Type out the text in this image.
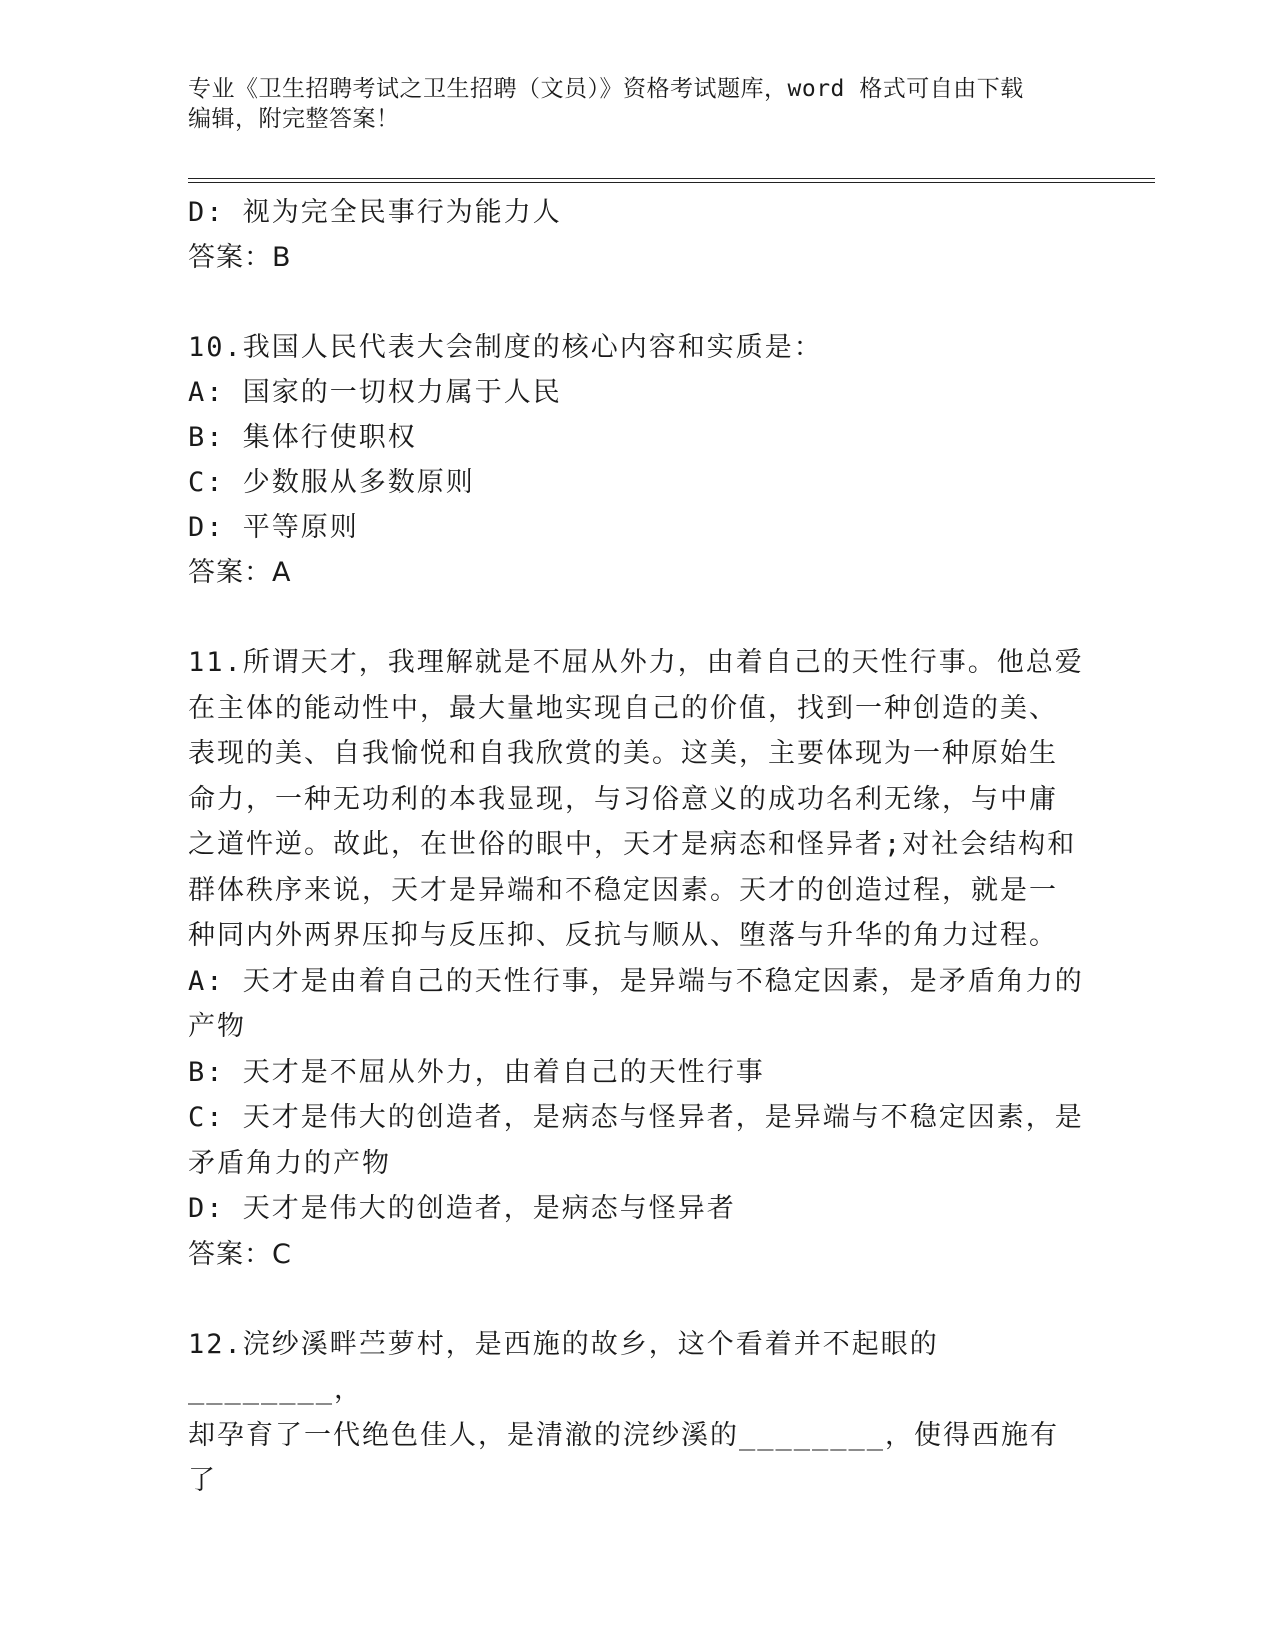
专业《卫生招聘考试之卫生招聘（文员）》资格考试题库，word 格式可自由下载
编辑，附完整答案！

D: 视为完全民事行为能力人

答案：B

10.我国人民代表大会制度的核心内容和实质是：

A: 国家的一切权力属于人民

B: 集体行使职权

C: 少数服从多数原则

D: 平等原则

答案：A

11.所谓天才，我理解就是不屈从外力，由着自己的天性行事。他总爱

在主体的能动性中，最大量地实现自己的价值，找到一种创造的美、

表现的美、自我愉悦和自我欣赏的美。这美，主要体现为一种原始生

命力，一种无功利的本我显现，与习俗意义的成功名利无缘，与中庸

之道忤逆。故此，在世俗的眼中，天才是病态和怪异者;对社会结构和

群体秩序来说，天才是异端和不稳定因素。天才的创造过程，就是一

种同内外两界压抑与反压抑、反抗与顺从、堕落与升华的角力过程。

A: 天才是由着自己的天性行事，是异端与不稳定因素，是矛盾角力的

产物

B: 天才是不屈从外力，由着自己的天性行事

C: 天才是伟大的创造者，是病态与怪异者，是异端与不稳定因素，是

矛盾角力的产物

D: 天才是伟大的创造者，是病态与怪异者

答案：C

12.浣纱溪畔苎萝村，是西施的故乡，这个看着并不起眼的________，

却孕育了一代绝色佳人，是清澈的浣纱溪的________，使得西施有了
